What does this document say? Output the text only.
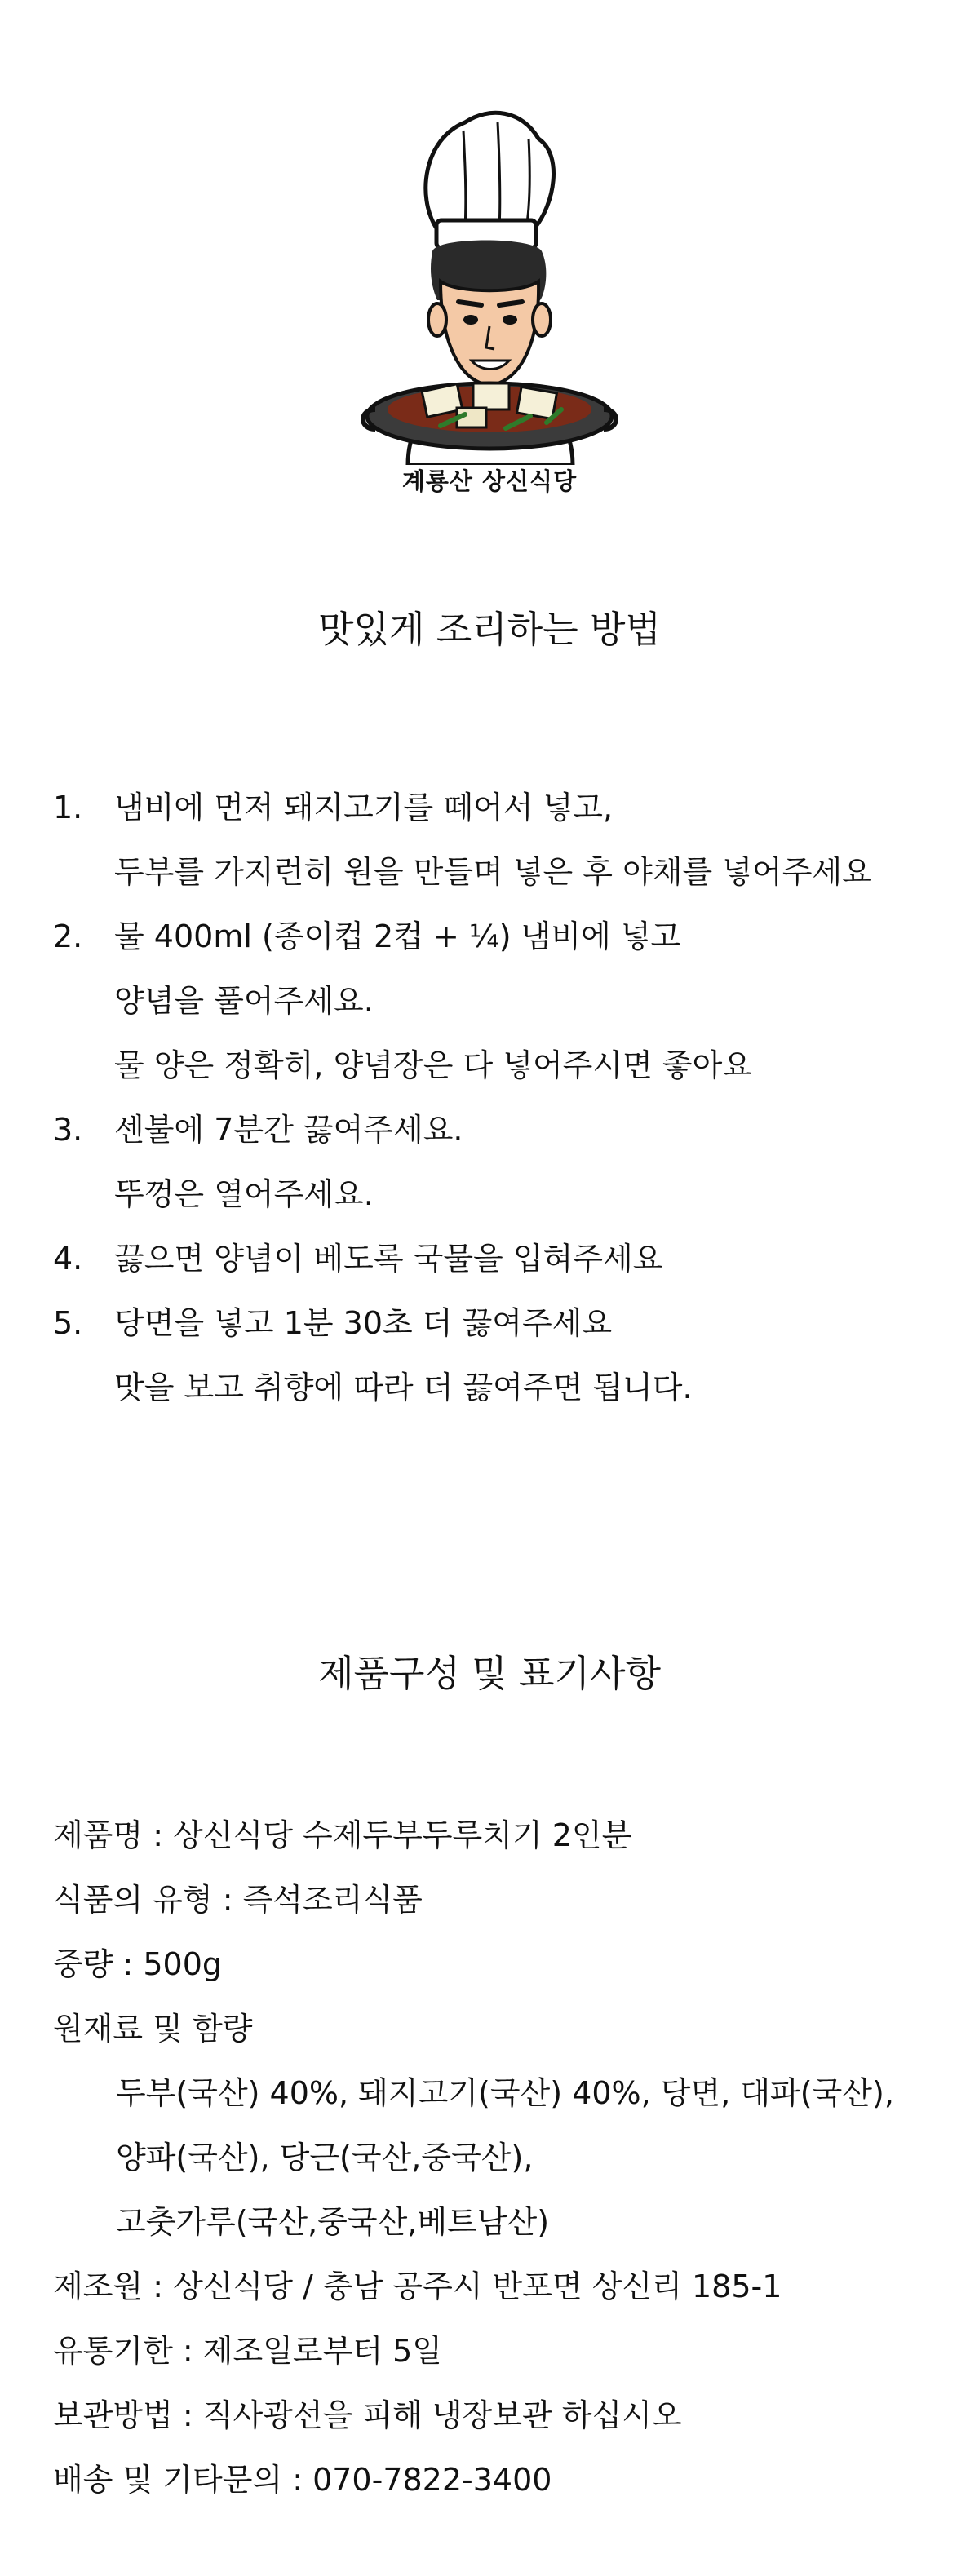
계룡산 상신식당
맛있게 조리하는 방법
1.	냄비에 먼저 돼지고기를 떼어서 넣고,
두부를 가지런히 원을 만들며 넣은 후 야채를 넣어주세요
2.	물 400ml (종이컵 2컵 + ¼) 냄비에 넣고
양념을 풀어주세요.
물 양은 정확히, 양념장은 다 넣어주시면 좋아요
3.	센불에 7분간 끓여주세요.
뚜껑은 열어주세요.
4.	끓으면 양념이 베도록 국물을 입혀주세요
5.	당면을 넣고 1분 30초 더 끓여주세요
맛을 보고 취향에 따라 더 끓여주면 됩니다.
제품구성 및 표기사항
제품명 : 상신식당 수제두부두루치기 2인분
식품의 유형 : 즉석조리식품
중량 : 500g
원재료 및 함량
두부(국산) 40%, 돼지고기(국산) 40%, 당면, 대파(국산),
양파(국산), 당근(국산,중국산),
고춧가루(국산,중국산,베트남산)
제조원 : 상신식당 / 충남 공주시 반포면 상신리 185-1
유통기한 : 제조일로부터 5일
보관방법 : 직사광선을 피해 냉장보관 하십시오
배송 및 기타문의 : 070-7822-3400
